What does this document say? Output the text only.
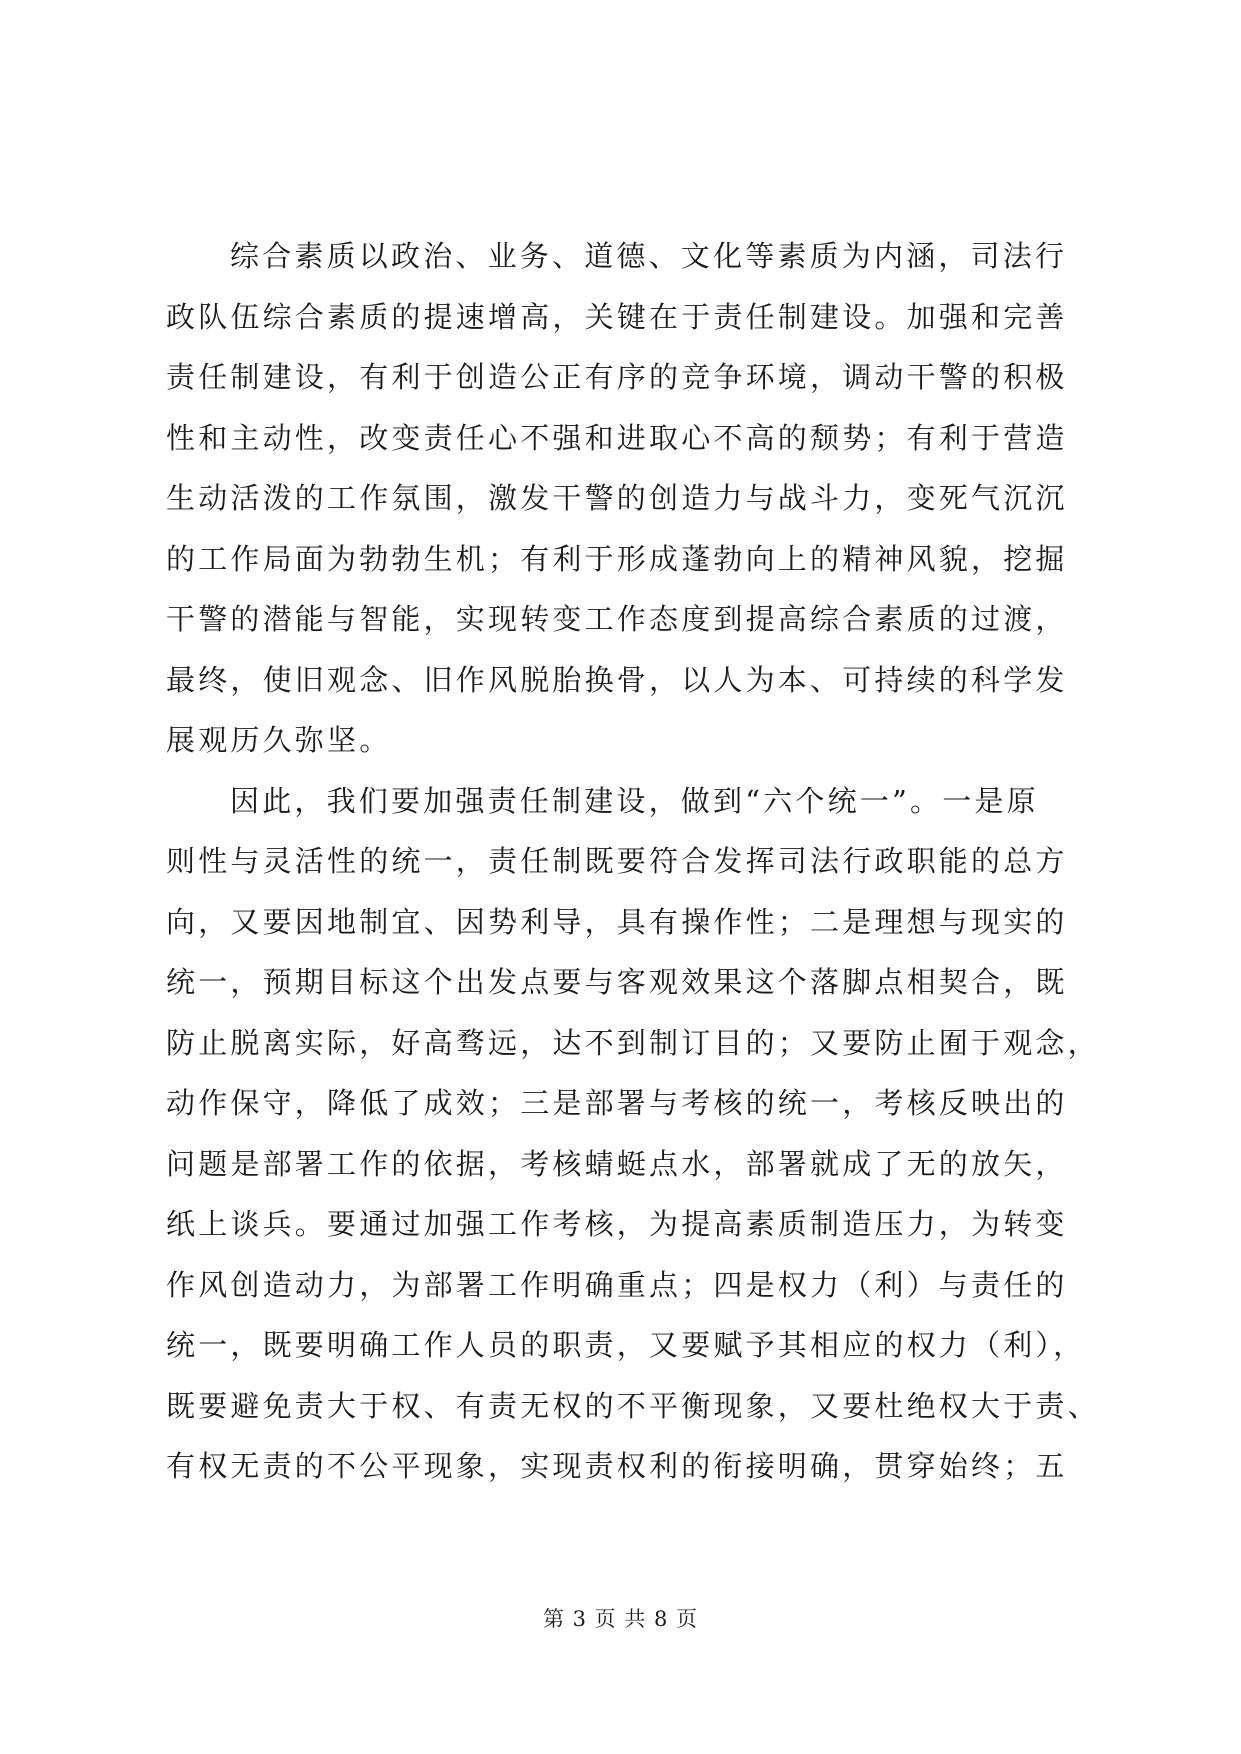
综合素质以政治、业务、道德、文化等素质为内涵，司法行
政队伍综合素质的提速增高，关键在于责任制建设。加强和完善
责任制建设，有利于创造公正有序的竞争环境，调动干警的积极
性和主动性，改变责任心不强和进取心不高的颓势；有利于营造
生动活泼的工作氛围，激发干警的创造力与战斗力，变死气沉沉
的工作局面为勃勃生机；有利于形成蓬勃向上的精神风貌，挖掘
干警的潜能与智能，实现转变工作态度到提高综合素质的过渡，
最终，使旧观念、旧作风脱胎换骨，以人为本、可持续的科学发
展观历久弥坚。
因此，我们要加强责任制建设，做到“六个统一”。一是原
则性与灵活性的统一，责任制既要符合发挥司法行政职能的总方
向，又要因地制宜、因势利导，具有操作性；二是理想与现实的
统一，预期目标这个出发点要与客观效果这个落脚点相契合，既
防止脱离实际，好高骛远，达不到制订目的；又要防止囿于观念，
动作保守，降低了成效；三是部署与考核的统一，考核反映出的
问题是部署工作的依据，考核蜻蜓点水，部署就成了无的放矢，
纸上谈兵。要通过加强工作考核，为提高素质制造压力，为转变
作风创造动力，为部署工作明确重点；四是权力（利）与责任的
统一，既要明确工作人员的职责，又要赋予其相应的权力（利），
既要避免责大于权、有责无权的不平衡现象，又要杜绝权大于责、
有权无责的不公平现象，实现责权利的衔接明确，贯穿始终；五
第 3 页 共 8 页
